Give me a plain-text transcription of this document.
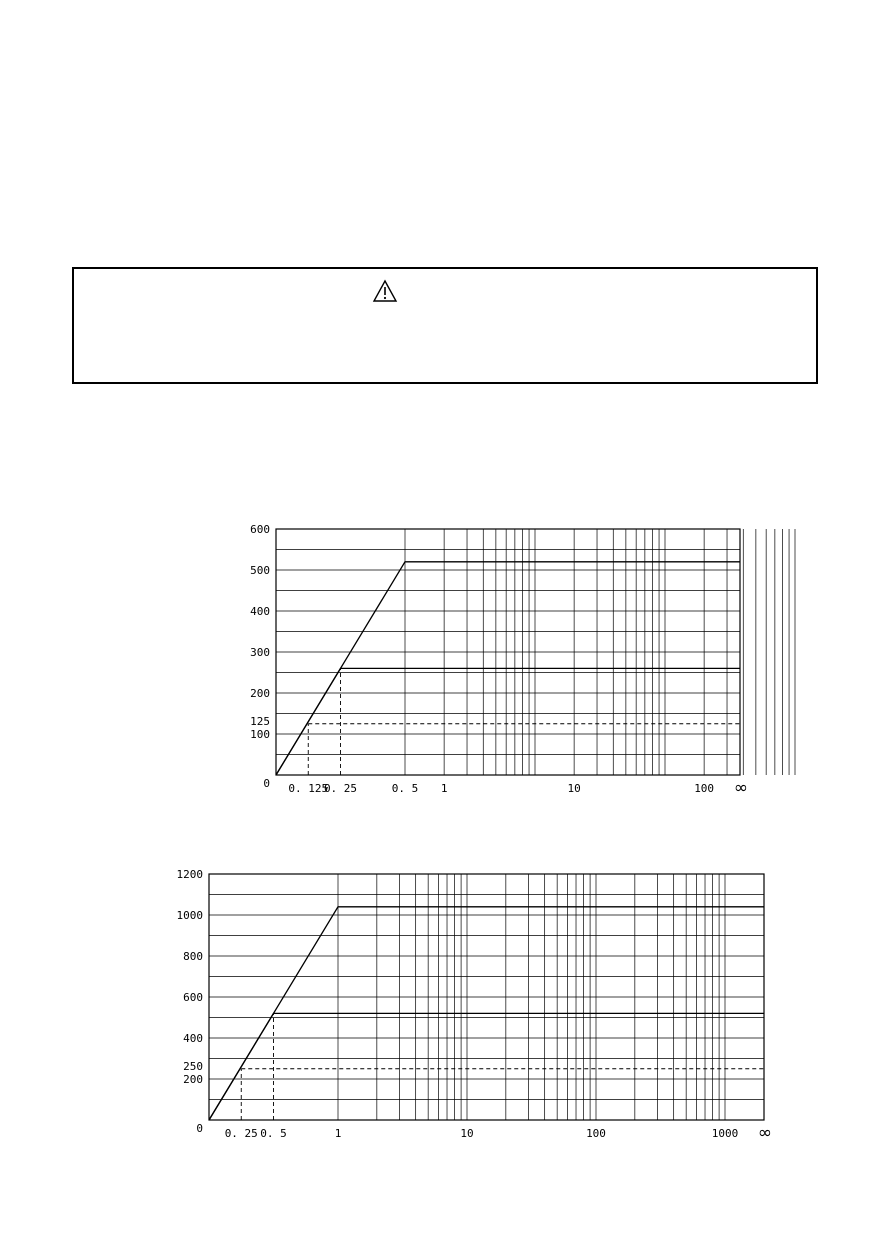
100
200
300
400
500
600
0
125
0. 125
0. 25	0. 5 1	10	100 ∞
200
400
600
800
1000
1200
0
250
0. 25 0. 5	1	10	100	1000 ∞
